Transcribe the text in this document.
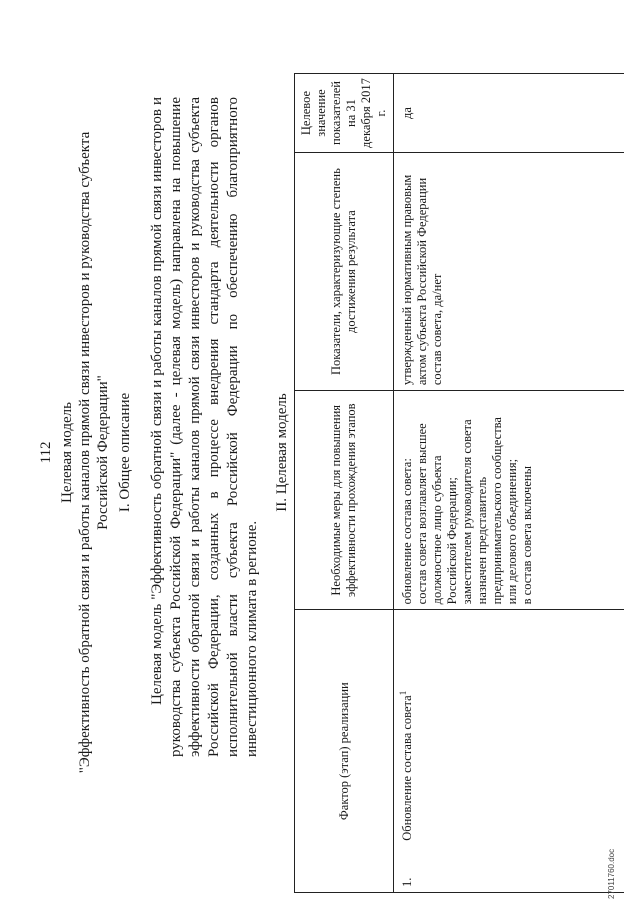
112 Целевая модель "Эффективность обратной связи и работы каналов прямой связи инвесторов и руководства субъекта Российской Федерации" I. Общее описание Целевая модель "Эффективность обратной связи и работы каналов прямой связи инвесторов и руководства субъекта Российской Федерации" (далее - целевая модель) направлена на повышение эффективности обратной связи и работы каналов прямой связи инвесторов и руководства субъекта Российской Федерации, созданных в процессе внедрения стандарта деятельности органов исполнительной власти субъекта Российской Федерации по обеспечению благоприятного инвестиционного климата в регионе.
II. Целевая модель
Фактор (этап) реализации		Необходимые меры для повышения эффективности прохождения этапов	Показатели, характеризующие степень достижения результата	Целевое значение показателей на 31 декабря 2017 г.
1.	Обновление состава совета$^1$	обновление состава совета: состав совета возглавляет высшее должностное лицо субъекта Российской Федерации; заместителем руководителя совета назначен представитель предпринимательского сообщества или делового объединения; в состав совета включены	утвержденный нормативным правовым актом субъекта Российской Федерации состав совета, да/нет	да
27011760.doc
